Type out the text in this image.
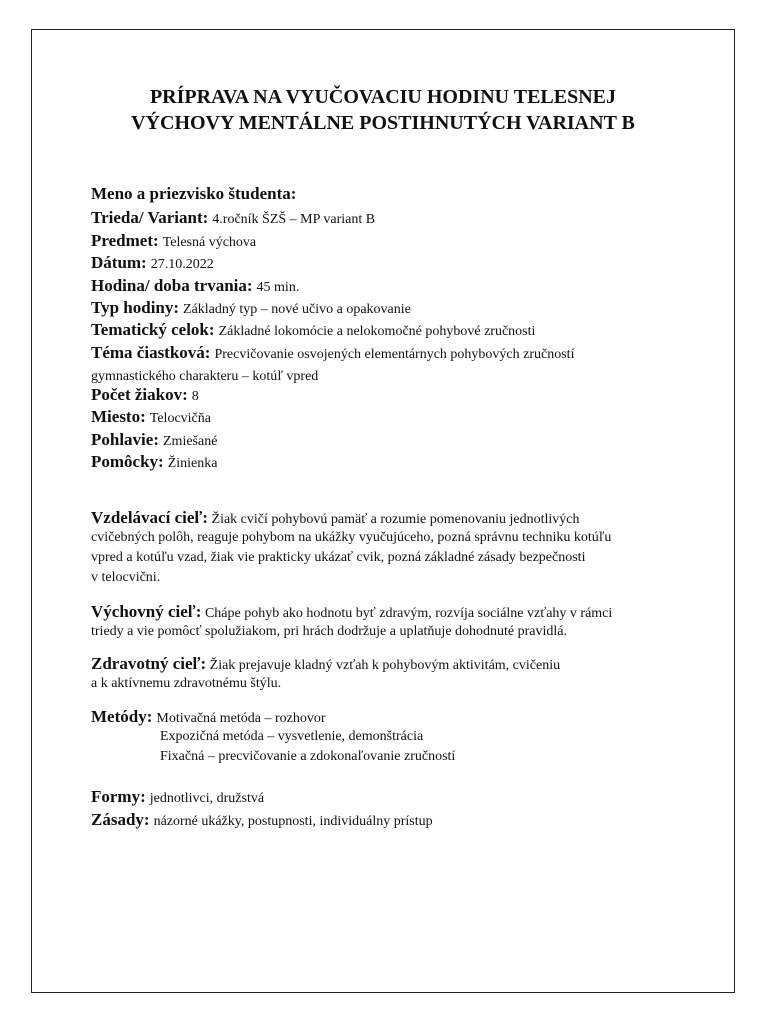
PRÍPRAVA NA VYUČOVACIU HODINU TELESNEJ
VÝCHOVY MENTÁLNE POSTIHNUTÝCH VARIANT B
Meno a priezvisko študenta:
Trieda/ Variant: 4.ročník ŠZŠ – MP variant B
Predmet: Telesná výchova
Dátum: 27.10.2022
Hodina/ doba trvania: 45 min.
Typ hodiny: Základný typ – nové učivo a opakovanie
Tematický celok: Základné lokomócie a nelokomočné pohybové zručnosti
Téma čiastková: Precvičovanie osvojených elementárnych pohybových zručností
gymnastického charakteru – kotúľ vpred
Počet žiakov: 8
Miesto: Telocvičňa
Pohlavie: Zmiešané
Pomôcky: Žinienka
Vzdelávací cieľ: Žiak cvičí pohybovú pamäť a rozumie pomenovaniu jednotlivých
cvičebných polôh, reaguje pohybom na ukážky vyučujúceho, pozná správnu techniku kotúľu
vpred a kotúľu vzad, žiak vie prakticky ukázať cvik, pozná základné zásady bezpečnosti
v telocvični.
Výchovný cieľ: Chápe pohyb ako hodnotu byť zdravým, rozvíja sociálne vzťahy v rámci
triedy a vie pomôcť spolužiakom, pri hrách dodržuje a uplatňuje dohodnuté pravidlá.
Zdravotný cieľ: Žiak prejavuje kladný vzťah k pohybovým aktivitám, cvičeniu
a k aktívnemu zdravotnému štýlu.
Metódy: Motivačná metóda – rozhovor
Expozičná metóda – vysvetlenie, demonštrácia
Fixačná – precvičovanie a zdokonaľovanie zručností
Formy: jednotlivci, družstvá
Zásady: názorné ukážky, postupnosti, individuálny prístup
